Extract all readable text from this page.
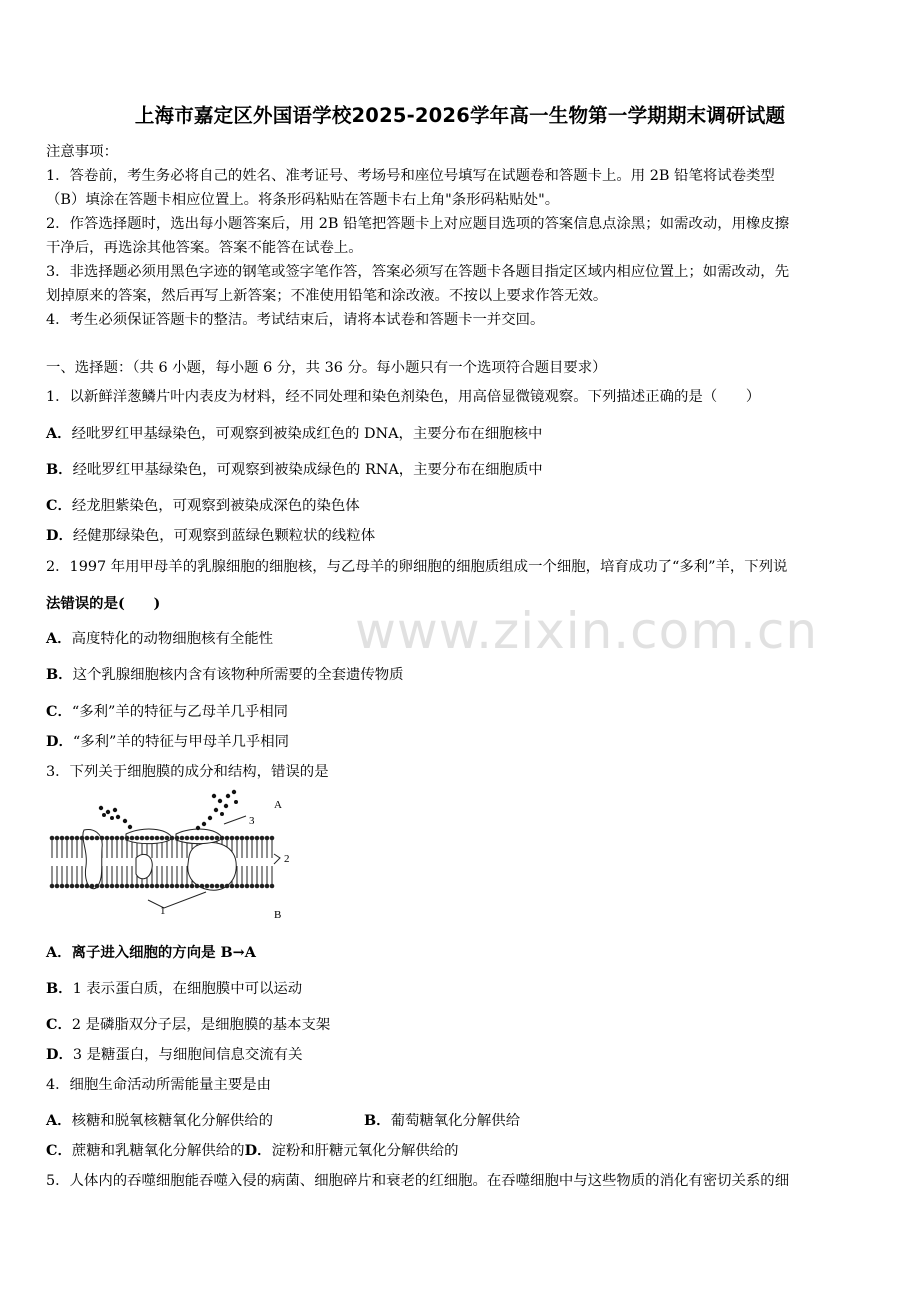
上海市嘉定区外国语学校2025-2026学年高一生物第一学期期末调研试题
注意事项：
1．答卷前，考生务必将自己的姓名、准考证号、考场号和座位号填写在试题卷和答题卡上。用 2B 铅笔将试卷类型
（B）填涂在答题卡相应位置上。将条形码粘贴在答题卡右上角"条形码粘贴处"。
2．作答选择题时，选出每小题答案后，用 2B 铅笔把答题卡上对应题目选项的答案信息点涂黑；如需改动，用橡皮擦
干净后，再选涂其他答案。答案不能答在试卷上。
3．非选择题必须用黑色字迹的钢笔或签字笔作答，答案必须写在答题卡各题目指定区域内相应位置上；如需改动，先
划掉原来的答案，然后再写上新答案；不准使用铅笔和涂改液。不按以上要求作答无效。
4．考生必须保证答题卡的整洁。考试结束后，请将本试卷和答题卡一并交回。
一、选择题：（共 6 小题，每小题 6 分，共 36 分。每小题只有一个选项符合题目要求）
1．以新鲜洋葱鳞片叶内表皮为材料，经不同处理和染色剂染色，用高倍显微镜观察。下列描述正确的是（　　）
A．经吡罗红甲基绿染色，可观察到被染成红色的 DNA，主要分布在细胞核中
B．经吡罗红甲基绿染色，可观察到被染成绿色的 RNA，主要分布在细胞质中
C．经龙胆紫染色，可观察到被染成深色的染色体
D．经健那绿染色，可观察到蓝绿色颗粒状的线粒体
2．1997 年用甲母羊的乳腺细胞的细胞核，与乙母羊的卵细胞的细胞质组成一个细胞，培育成功了“多利”羊，下列说
法错误的是(　　)
A．高度特化的动物细胞核有全能性
B．这个乳腺细胞核内含有该物种所需要的全套遗传物质
C．“多利”羊的特征与乙母羊几乎相同
D．“多利”羊的特征与甲母羊几乎相同
3．下列关于细胞膜的成分和结构，错误的是
A
3
2
1	B
A．离子进入细胞的方向是 B→A
B．1 表示蛋白质，在细胞膜中可以运动
C．2 是磷脂双分子层，是细胞膜的基本支架
D．3 是糖蛋白，与细胞间信息交流有关
4．细胞生命活动所需能量主要是由
A．核糖和脱氧核糖氧化分解供给的	B．葡萄糖氧化分解供给
C．蔗糖和乳糖氧化分解供给的D．淀粉和肝糖元氧化分解供给的
5．人体内的吞噬细胞能吞噬入侵的病菌、细胞碎片和衰老的红细胞。在吞噬细胞中与这些物质的消化有密切关系的细
www.zixin.com.cn
